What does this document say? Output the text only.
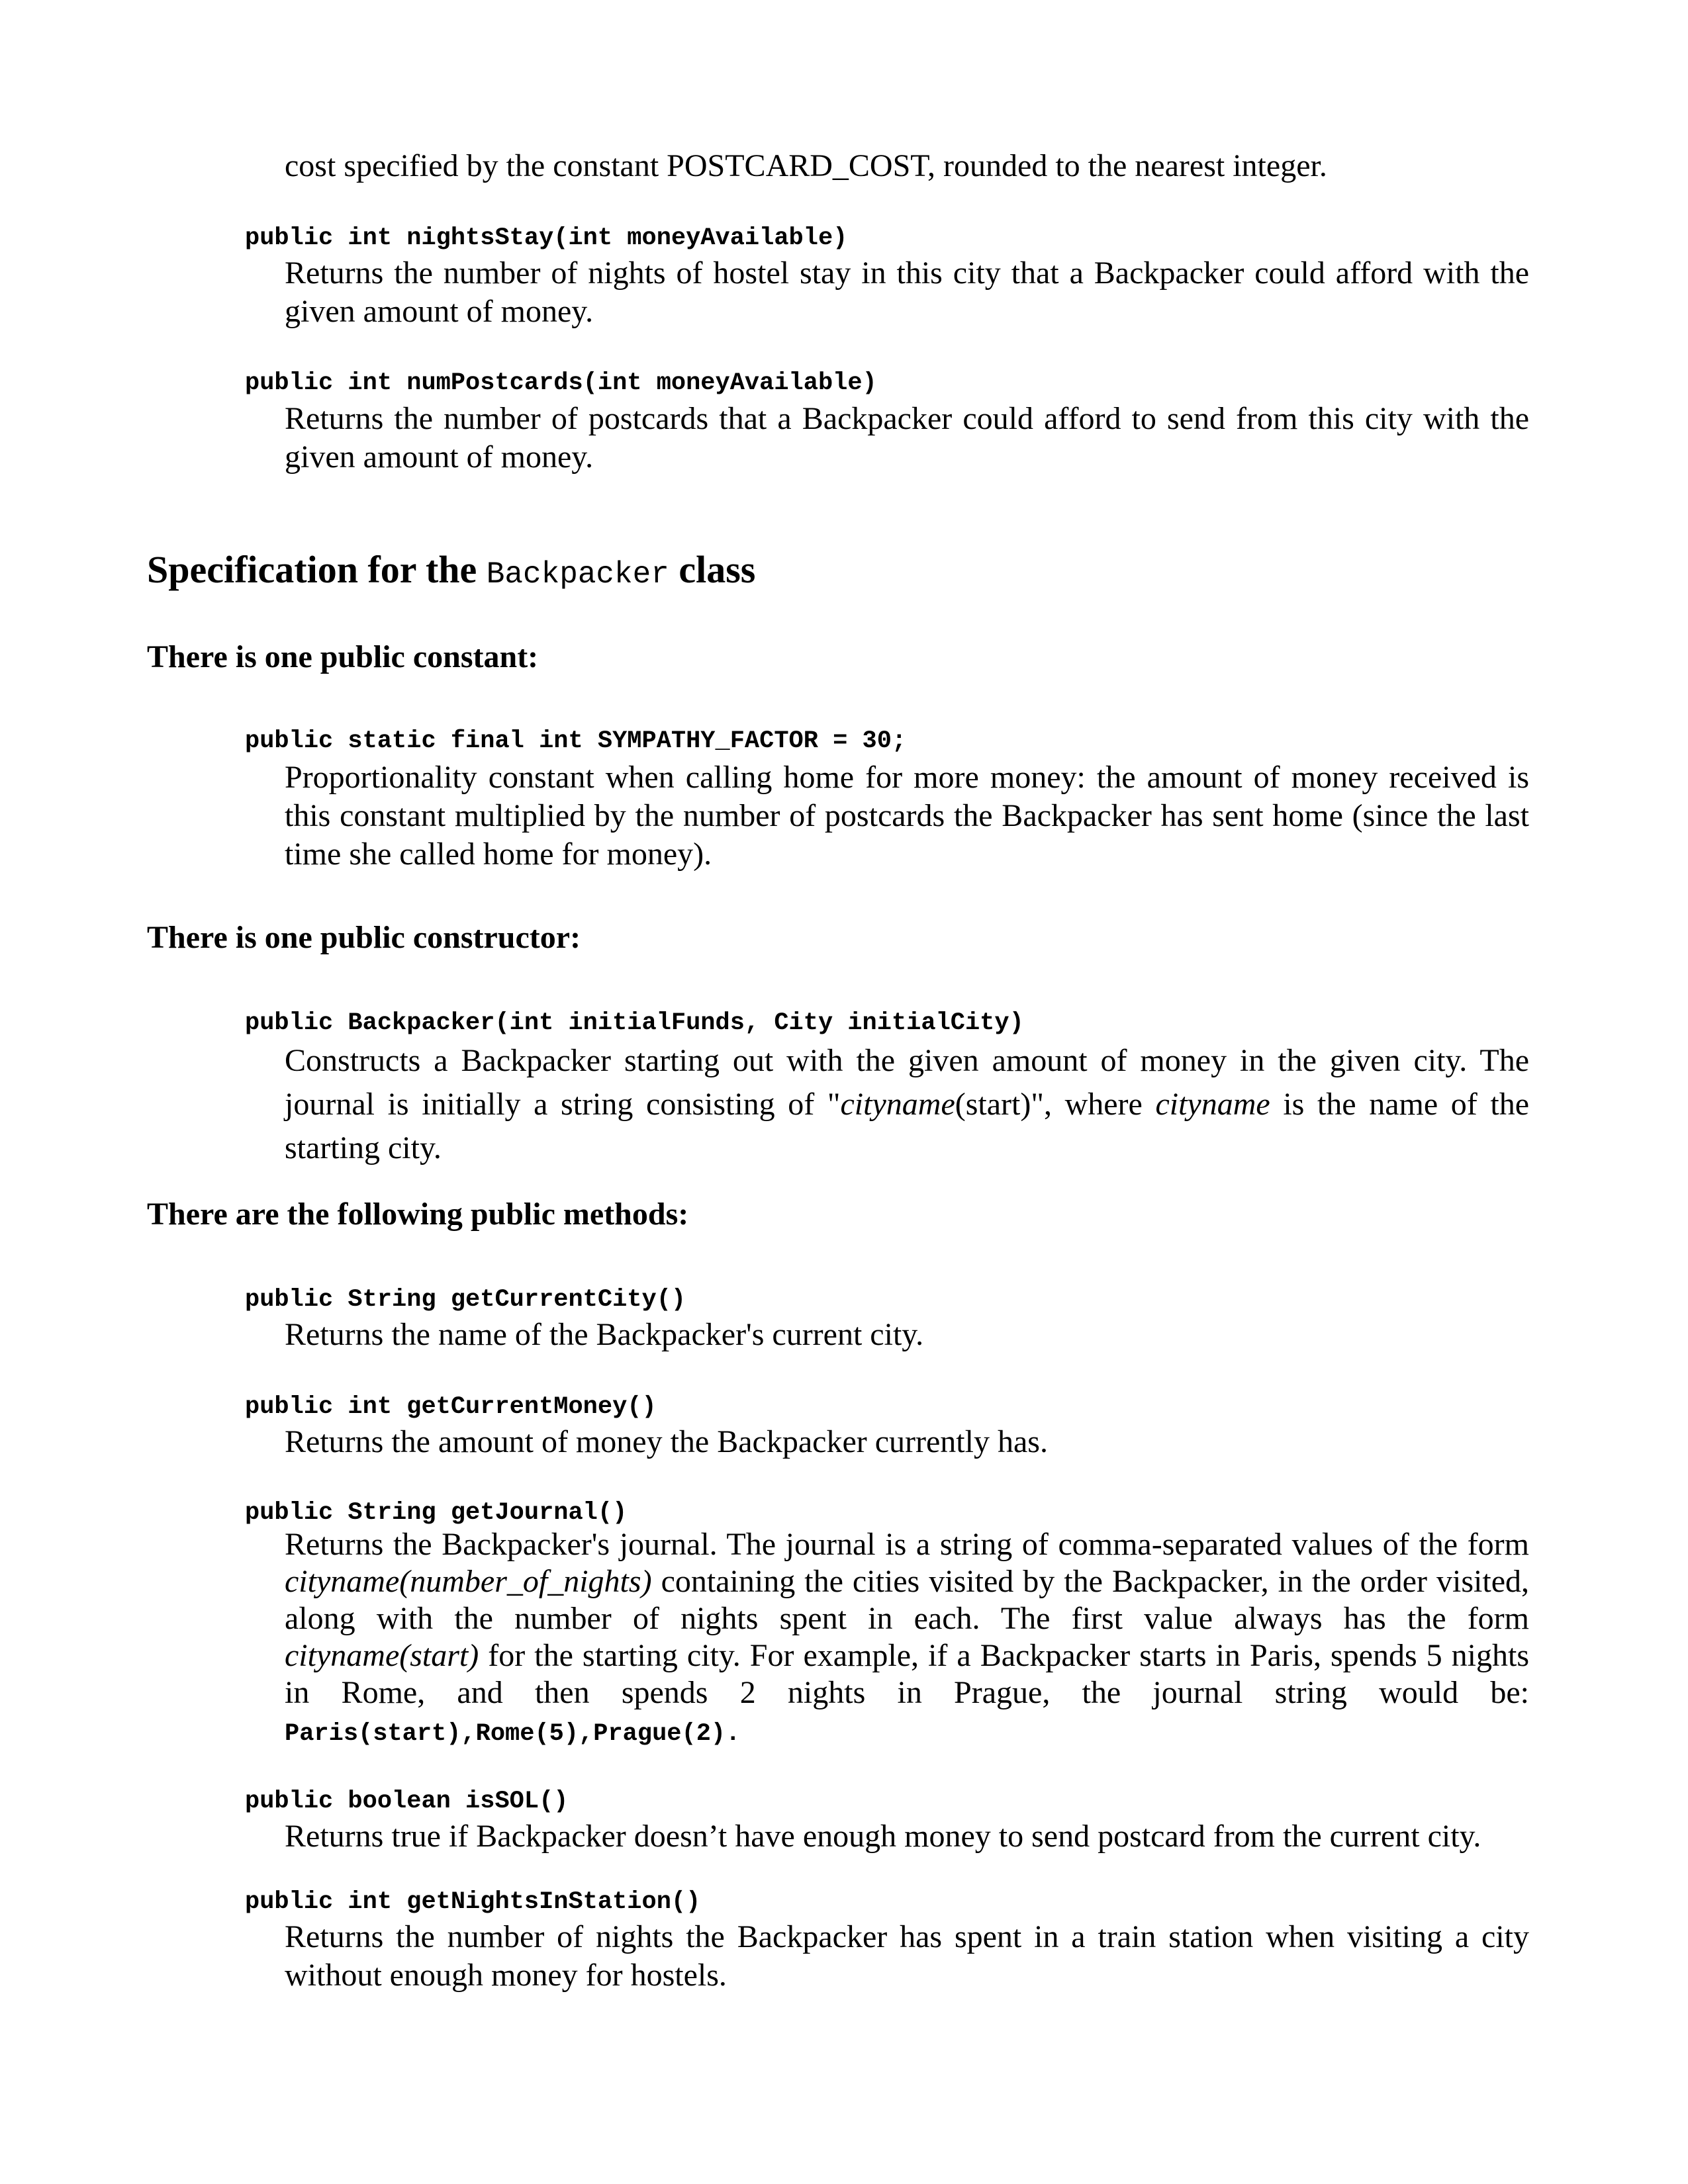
cost specified by the constant POSTCARD_COST, rounded to the nearest integer.
public int nightsStay(int moneyAvailable)
Returns the number of nights of hostel stay in this city that a Backpacker could afford with the given amount of money.
public int numPostcards(int moneyAvailable)
Returns the number of postcards that a Backpacker could afford to send from this city with the given amount of money.
Specification for the Backpacker class
There is one public constant:
public static final int SYMPATHY_FACTOR = 30;
Proportionality constant when calling home for more money: the amount of money received is this constant multiplied by the number of postcards the Backpacker has sent home (since the last time she called home for money).
There is one public constructor:
public Backpacker(int initialFunds, City initialCity)
Constructs a Backpacker starting out with the given amount of money in the given city. The journal is initially a string consisting of "cityname(start)", where cityname is the name of the starting city.
There are the following public methods:
public String getCurrentCity()
Returns the name of the Backpacker's current city.
public int getCurrentMoney()
Returns the amount of money the Backpacker currently has.
public String getJournal()
Returns the Backpacker's journal. The journal is a string of comma-separated values of the form cityname(number_of_nights) containing the cities visited by the Backpacker, in the order visited, along with the number of nights spent in each. The first value always has the form cityname(start) for the starting city. For example, if a Backpacker starts in Paris, spends 5 nights in Rome, and then spends 2 nights in Prague, the journal string would be: Paris(start),Rome(5),Prague(2).
public boolean isSOL()
Returns true if Backpacker doesn’t have enough money to send postcard from the current city.
public int getNightsInStation()
Returns the number of nights the Backpacker has spent in a train station when visiting a city without enough money for hostels.
